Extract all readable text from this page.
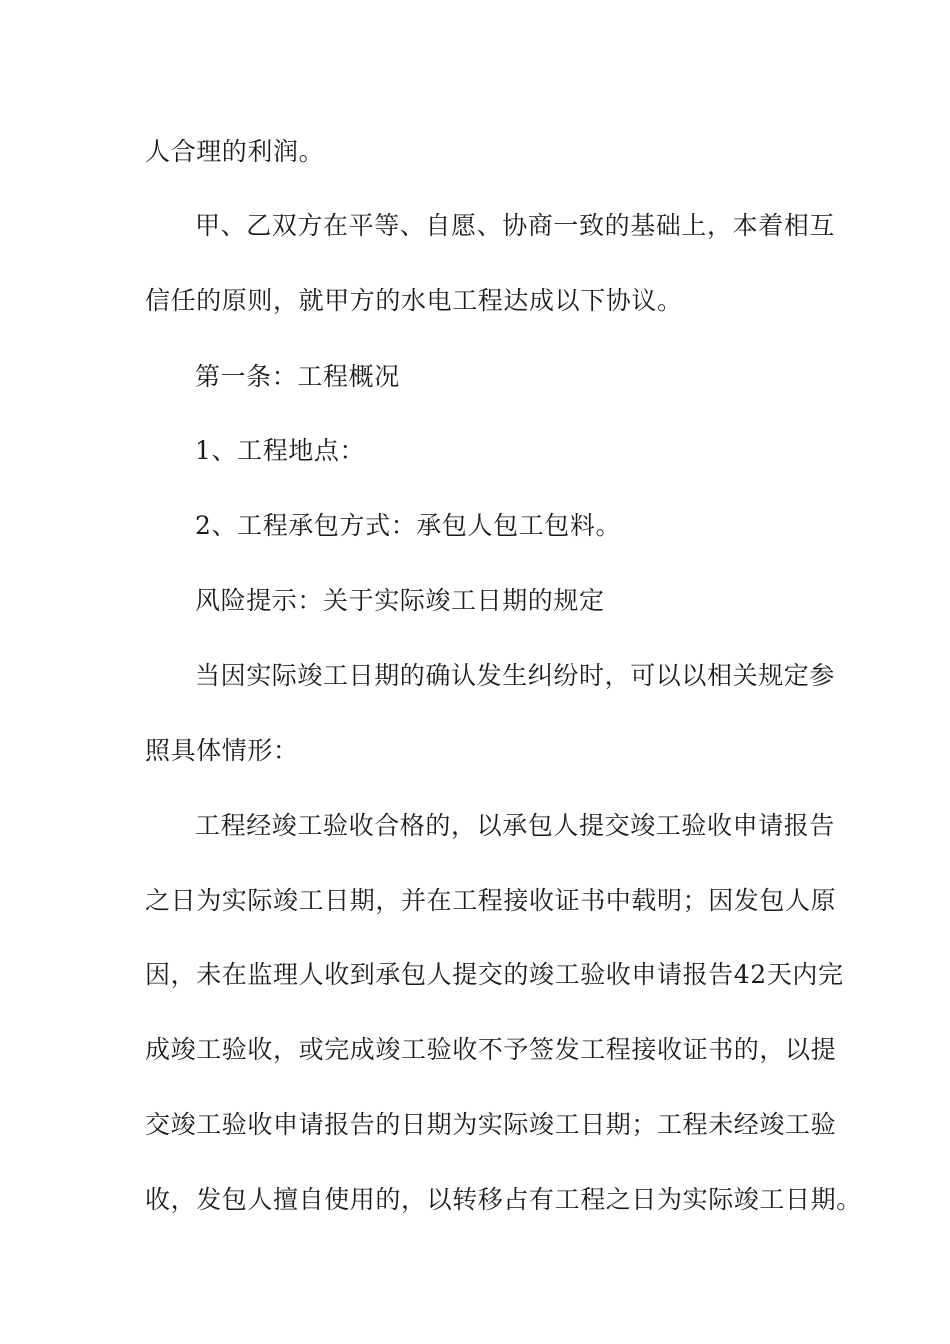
人合理的利润。
甲、乙双方在平等、自愿、协商一致的基础上，本着相互
信任的原则，就甲方的水电工程达成以下协议。
第一条：工程概况
1、工程地点：
2、工程承包方式：承包人包工包料。
风险提示：关于实际竣工日期的规定
当因实际竣工日期的确认发生纠纷时，可以以相关规定参
照具体情形：
工程经竣工验收合格的，以承包人提交竣工验收申请报告
之日为实际竣工日期，并在工程接收证书中载明；因发包人原
因，未在监理人收到承包人提交的竣工验收申请报告42天内完
成竣工验收，或完成竣工验收不予签发工程接收证书的，以提
交竣工验收申请报告的日期为实际竣工日期；工程未经竣工验
收，发包人擅自使用的，以转移占有工程之日为实际竣工日期。
